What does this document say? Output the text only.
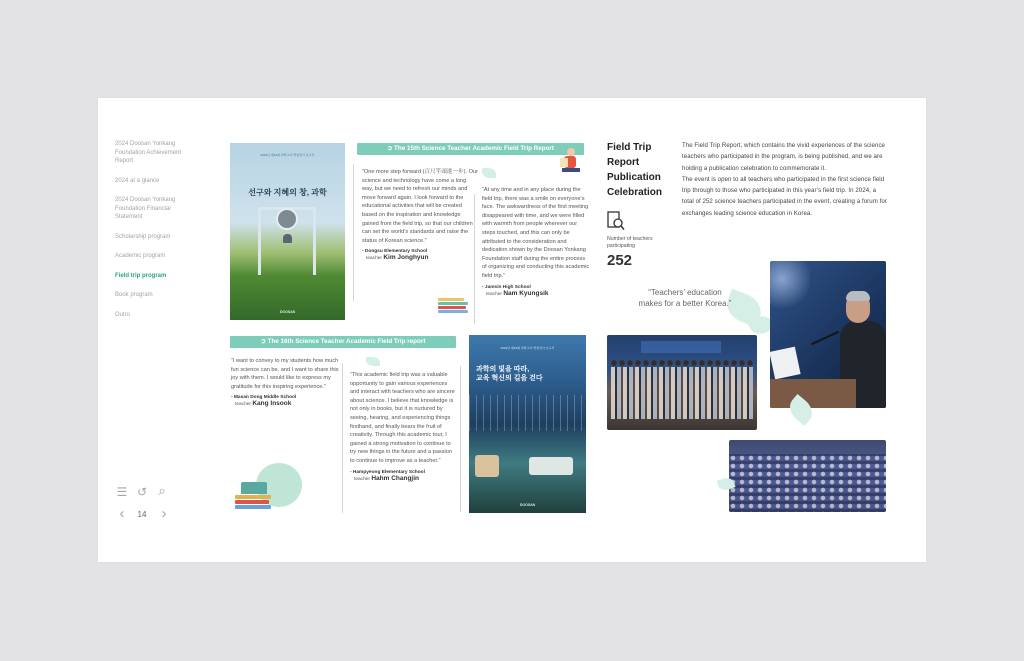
2024 Doosan Yonkang Foundation Achievement Report
2024 at a glance
2024 Doosan Yonkang Foundation Financial Statement
Scholarship program
Academic program
Field trip program
Book program
Outro
☰ ↺ ⌕
‹	14 ›
2024년 제15회 과학교사 학술답사 보고서
선구와 지혜의 창, 과학
DOOSAN
➲ The 15th Science Teacher Academic Field Trip Report
“One more step forward (百尺竿頭進一步). Our science and technology have come a long way, but we need to refresh our minds and move forward again. I look forward to the educational activities that will be created based on the inspiration and knowledge gained from the field trip, so that our children can set the world’s standards and raise the status of Korean science.”
- Dongsu Elementary School
teacher Kim Jonghyun
“At any time and in any place during the field trip, there was a smile on everyone’s face. The awkwardness of the first meeting disappeared with time, and we were filled with warmth from people wherever our steps touched, and this can only be attributed to the consideration and dedication shown by the Doosan Yonkang Foundation staff during the entire process of organizing and conducting this academic field trip.”
- Jamsin High School
teacher Nam Kyungsik
➲ The 16th Science Teacher Academic Field Trip report
“I want to convey to my students how much fun science can be, and I want to share this joy with them. I would like to express my gratitude for this inspiring experience.”
- Masan Dong Middle School
teacher Kang Insook
“This academic field trip was a valuable opportunity to gain various experiences and interact with teachers who are sincere about science. I believe that knowledge is not only in books, but it is nurtured by seeing, hearing, and experiencing things firsthand, and finally bears the fruit of creativity. Through this academic tour, I gained a strong motivation to continue to try new things in the future and a passion to continue to improve as a teacher.”
- Hampyeong Elementary School
teacher Hahm Changjin
2024년 제16회 과학교사 학술답사 보고서
과학의 빛을 따라,
교육 혁신의 길을 걷다
DOOSAN
Field Trip Report Publication Celebration
The Field Trip Report, which contains the vivid experiences of the science teachers who participated in the program, is being published, and we are holding a publication celebration to commemorate it.
The event is open to all teachers who participated in the first science field trip through to those who participated in this year’s field trip. In 2024, a total of 252 science teachers participated in the event, creating a forum for exchanges leading science education in Korea.
Number of teachers participating
252
“Teachers’ education
makes for a better Korea.”
